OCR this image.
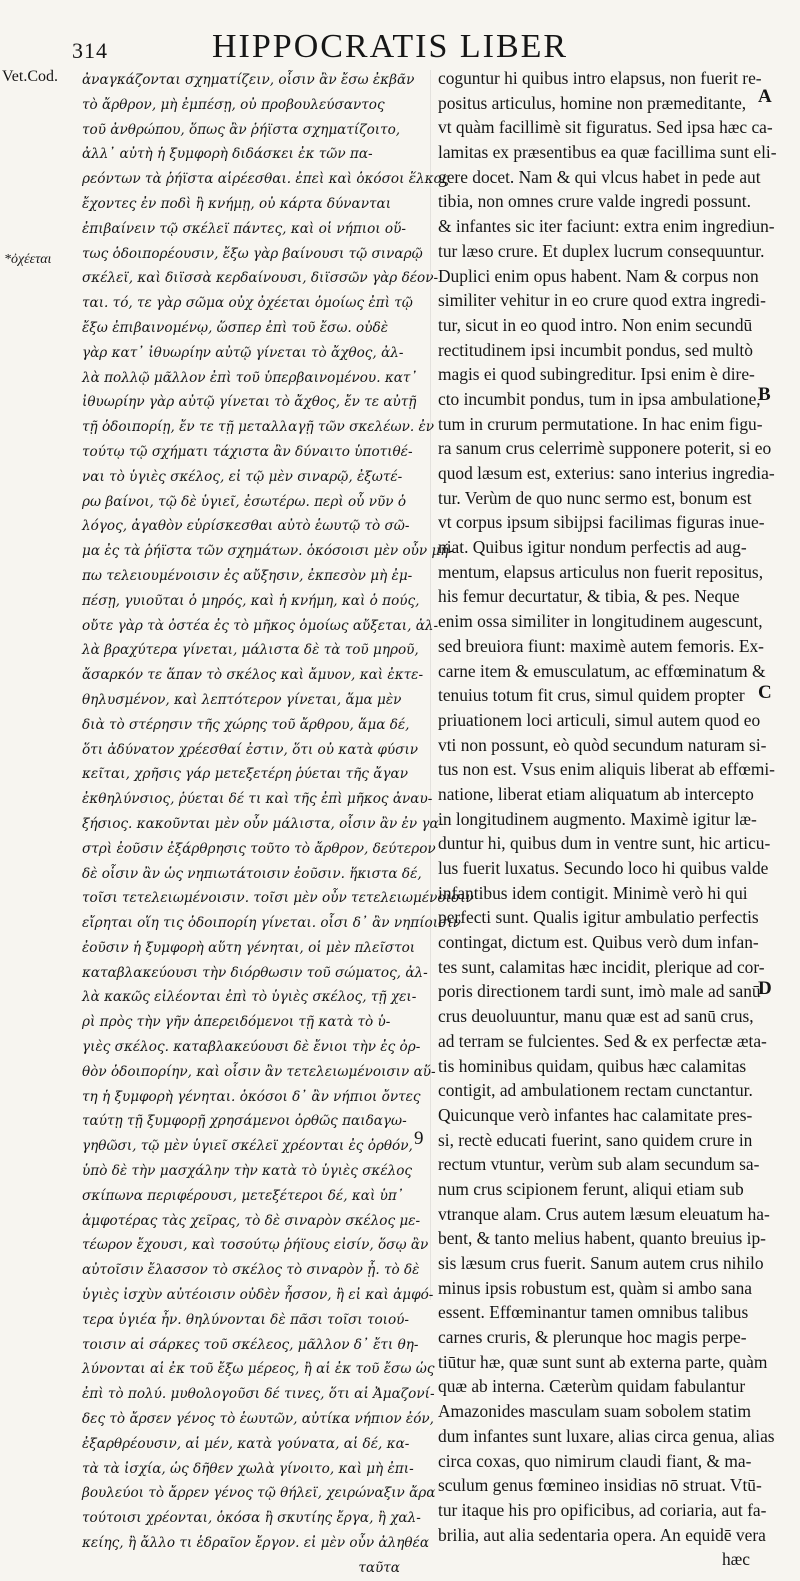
314	HIPPOCRATIS LIBER
Vet.Cod.
*ὀχέεται
ἀναγκάζονται σχηματίζειν, οἷσιν ἂν ἔσω ἐκβᾶν
τὸ ἄρθρον, μὴ ἐμπέσῃ, οὐ προβουλεύσαντος
τοῦ ἀνθρώπου, ὅπως ἂν ῥήϊστα σχηματίζοιτο,
ἀλλ᾽ αὐτὴ ἡ ξυμφορὴ διδάσκει ἐκ τῶν πα-
ρεόντων τὰ ῥήϊστα αἱρέεσθαι. ἐπεὶ καὶ ὁκόσοι ἕλκος
ἔχοντες ἐν ποδὶ ἢ κνήμῃ, οὐ κάρτα δύνανται
ἐπιβαίνειν τῷ σκέλεϊ πάντες, καὶ οἱ νήπιοι οὕ-
τως ὁδοιπορέουσιν, ἔξω γὰρ βαίνουσι τῷ σιναρῷ
σκέλεϊ, καὶ διϊσσὰ κερδαίνουσι, διϊσσῶν γὰρ δέον-
ται. τό, τε γὰρ σῶμα οὐχ ὀχέεται ὁμοίως ἐπὶ τῷ
ἔξω ἐπιβαινομένῳ, ὥσπερ ἐπὶ τοῦ ἔσω. οὐδὲ
γὰρ κατ᾽ ἰθυωρίην αὐτῷ γίνεται τὸ ἄχθος, ἀλ-
λὰ πολλῷ μᾶλλον ἐπὶ τοῦ ὑπερβαινομένου. κατ᾽
ἰθυωρίην γὰρ αὐτῷ γίνεται τὸ ἄχθος, ἔν τε αὐτῇ
τῇ ὁδοιπορίῃ, ἔν τε τῇ μεταλλαγῇ τῶν σκελέων. ἐν
τούτῳ τῷ σχήματι τάχιστα ἂν δύναιτο ὑποτιθέ-
ναι τὸ ὑγιὲς σκέλος, εἰ τῷ μὲν σιναρῷ, ἐξωτέ-
ρω βαίνοι, τῷ δὲ ὑγιεῖ, ἐσωτέρω. περὶ οὗ νῦν ὁ
λόγος, ἀγαθὸν εὑρίσκεσθαι αὐτὸ ἑωυτῷ τὸ σῶ-
μα ἐς τὰ ῥήϊστα τῶν σχημάτων. ὁκόσοισι μὲν οὖν μή-
πω τελειουμένοισιν ἐς αὔξησιν, ἐκπεσὸν μὴ ἐμ-
πέσῃ, γυιοῦται ὁ μηρός, καὶ ἡ κνήμη, καὶ ὁ πούς,
οὔτε γὰρ τὰ ὀστέα ἐς τὸ μῆκος ὁμοίως αὔξεται, ἀλ-
λὰ βραχύτερα γίνεται, μάλιστα δὲ τὰ τοῦ μηροῦ,
ἄσαρκόν τε ἅπαν τὸ σκέλος καὶ ἄμυον, καὶ ἐκτε-
θηλυσμένον, καὶ λεπτότερον γίνεται, ἅμα μὲν
διὰ τὸ στέρησιν τῆς χώρης τοῦ ἄρθρου, ἅμα δέ,
ὅτι ἀδύνατον χρέεσθαί ἐστιν, ὅτι οὐ κατὰ φύσιν
κεῖται, χρῆσις γάρ μετεξετέρη ῥύεται τῆς ἄγαν
ἐκθηλύνσιος, ῥύεται δέ τι καὶ τῆς ἐπὶ μῆκος ἀναυ-
ξήσιος. κακοῦνται μὲν οὖν μάλιστα, οἷσιν ἂν ἐν γα-
στρὶ ἐοῦσιν ἐξάρθρησις τοῦτο τὸ ἄρθρον, δεύτερον
δὲ οἷσιν ἂν ὡς νηπιωτάτοισιν ἐοῦσιν. ἥκιστα δέ,
τοῖσι τετελειωμένοισιν. τοῖσι μὲν οὖν τετελειωμένοισιν
εἴρηται οἵη τις ὁδοιπορίη γίνεται. οἷσι δ᾽ ἂν νηπίοισιν
ἐοῦσιν ἡ ξυμφορὴ αὕτη γένηται, οἱ μὲν πλεῖστοι
καταβλακεύουσι τὴν διόρθωσιν τοῦ σώματος, ἀλ-
λὰ κακῶς εἰλέονται ἐπὶ τὸ ὑγιὲς σκέλος, τῇ χει-
ρὶ πρὸς τὴν γῆν ἀπερειδόμενοι τῇ κατὰ τὸ ὑ-
γιὲς σκέλος. καταβλακεύουσι δὲ ἔνιοι τὴν ἐς ὀρ-
θὸν ὁδοιπορίην, καὶ οἷσιν ἂν τετελειωμένοισιν αὕ-
τη ἡ ξυμφορὴ γένηται. ὁκόσοι δ᾽ ἂν νήπιοι ὄντες
ταύτῃ τῇ ξυμφορῇ χρησάμενοι ὀρθῶς παιδαγω-
γηθῶσι, τῷ μὲν ὑγιεῖ σκέλεϊ χρέονται ἐς ὀρθόν,
ὑπὸ δὲ τὴν μασχάλην τὴν κατὰ τὸ ὑγιὲς σκέλος
σκίπωνα περιφέρουσι, μετεξέτεροι δέ, καὶ ὑπ᾽
ἀμφοτέρας τὰς χεῖρας, τὸ δὲ σιναρὸν σκέλος με-
τέωρον ἔχουσι, καὶ τοσούτῳ ῥήϊους εἰσίν, ὅσῳ ἂν
αὐτοῖσιν ἔλασσον τὸ σκέλος τὸ σιναρὸν ᾖ. τὸ δὲ
ὑγιὲς ἰσχὺν αὐτέοισιν οὐδὲν ἧσσον, ἢ εἰ καὶ ἀμφό-
τερα ὑγιέα ἦν. θηλύνονται δὲ πᾶσι τοῖσι τοιού-
τοισιν αἱ σάρκες τοῦ σκέλεος, μᾶλλον δ᾽ ἔτι θη-
λύνονται αἱ ἐκ τοῦ ἔξω μέρεος, ἢ αἱ ἐκ τοῦ ἔσω ὡς
ἐπὶ τὸ πολύ. μυθολογοῦσι δέ τινες, ὅτι αἱ Ἀμαζονί-
δες τὸ ἄρσεν γένος τὸ ἑωυτῶν, αὐτίκα νήπιον ἐόν,
ἐξαρθρέουσιν, αἱ μέν, κατὰ γούνατα, αἱ δέ, κα-
τὰ τὰ ἰσχία, ὡς δῆθεν χωλὰ γίνοιτο, καὶ μὴ ἐπι-
βουλεύοι τὸ ἄρρεν γένος τῷ θήλεϊ, χειρώναξιν ἄρα
τούτοισι χρέονται, ὁκόσα ἢ σκυτίης ἔργα, ἢ χαλ-
κείης, ἢ ἄλλο τι ἑδραῖον ἔργον. εἰ μὲν οὖν ἀληθέα
ταῦτα
coguntur hi quibus intro elapsus, non fuerit re-
positus articulus, homine non præmeditante,
vt quàm facillimè sit figuratus. Sed ipsa hæc ca-
lamitas ex præsentibus ea quæ facillima sunt eli-
gere docet. Nam & qui vlcus habet in pede aut
tibia, non omnes crure valde ingredi possunt.
& infantes sic iter faciunt: extra enim ingrediun-
tur læso crure. Et duplex lucrum consequuntur.
Duplici enim opus habent. Nam & corpus non
similiter vehitur in eo crure quod extra ingredi-
tur, sicut in eo quod intro. Non enim secundū
rectitudinem ipsi incumbit pondus, sed multò
magis ei quod subingreditur. Ipsi enim è dire-
cto incumbit pondus, tum in ipsa ambulatione,
tum in crurum permutatione. In hac enim figu-
ra sanum crus celerrimè supponere poterit, si eo
quod læsum est, exterius: sano interius ingredia-
tur. Verùm de quo nunc sermo est, bonum est
vt corpus ipsum sibijpsi facilimas figuras inue-
niat. Quibus igitur nondum perfectis ad aug-
mentum, elapsus articulus non fuerit repositus,
his femur decurtatur, & tibia, & pes. Neque
enim ossa similiter in longitudinem augescunt,
sed breuiora fiunt: maximè autem femoris. Ex-
carne item & emusculatum, ac effœminatum &
tenuius totum fit crus, simul quidem propter
priuationem loci articuli, simul autem quod eo
vti non possunt, eò quòd secundum naturam si-
tus non est. Vsus enim aliquis liberat ab effœmi-
natione, liberat etiam aliquatum ab intercepto
in longitudinem augmento. Maximè igitur læ-
duntur hi, quibus dum in ventre sunt, hic articu-
lus fuerit luxatus. Secundo loco hi quibus valde
infantibus idem contigit. Minimè verò hi qui
perfecti sunt. Qualis igitur ambulatio perfectis
contingat, dictum est. Quibus verò dum infan-
tes sunt, calamitas hæc incidit, plerique ad cor-
poris directionem tardi sunt, imò male ad sanū
crus deuoluuntur, manu quæ est ad sanū crus,
ad terram se fulcientes. Sed & ex perfectæ æta-
tis hominibus quidam, quibus hæc calamitas
contigit, ad ambulationem rectam cunctantur.
Quicunque verò infantes hac calamitate pres-
si, rectè educati fuerint, sano quidem crure in
rectum vtuntur, verùm sub alam secundum sa-
num crus scipionem ferunt, aliqui etiam sub
vtranque alam. Crus autem læsum eleuatum ha-
bent, & tanto melius habent, quanto breuius ip-
sis læsum crus fuerit. Sanum autem crus nihilo
minus ipsis robustum est, quàm si ambo sana
essent. Effœminantur tamen omnibus talibus
carnes cruris, & plerunque hoc magis perpe-
tiūtur hæ, quæ sunt sunt ab externa parte, quàm
quæ ab interna. Cæterùm quidam fabulantur
Amazonides masculam suam sobolem statim
dum infantes sunt luxare, alias circa genua, alias
circa coxas, quo nimirum claudi fiant, & ma-
sculum genus fœmineo insidias nō struat. Vtū-
tur itaque his pro opificibus, ad coriaria, aut fa-
brilia, aut alia sedentaria opera. An equidē vera
hæc
A
B
C
D
9
